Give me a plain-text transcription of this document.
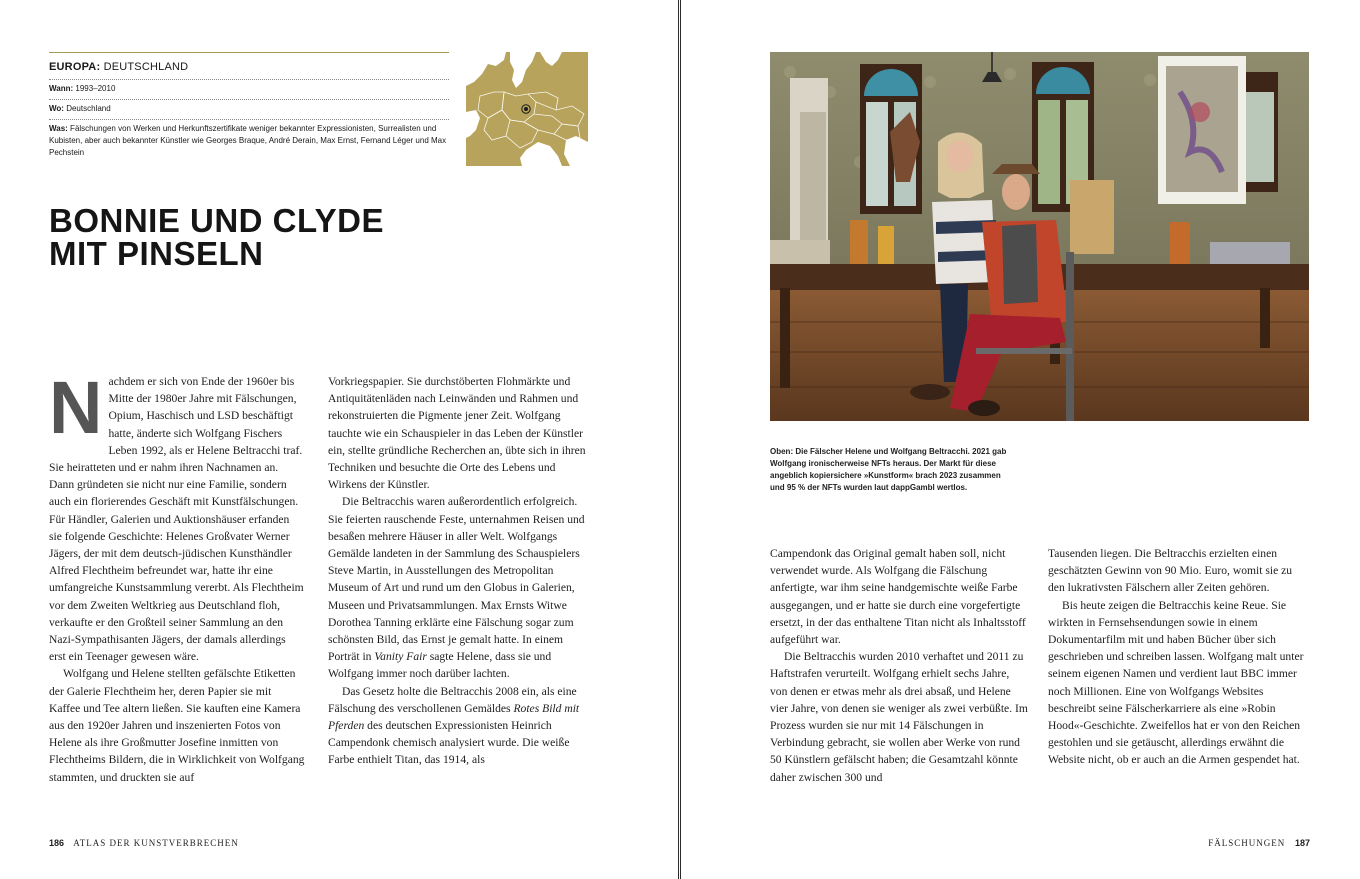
EUROPA: DEUTSCHLAND
Wann: 1993–2010
Wo: Deutschland
Was: Fälschungen von Werken und Herkunftszertifikate weniger bekannter Expressionisten, Surrealisten und Kubisten, aber auch bekannter Künstler wie Georges Braque, André Derain, Max Ernst, Fernand Léger und Max Pechstein
BONNIE UND CLYDE
MIT PINSELN

Nachdem er sich von Ende der 1960er bis Mitte der 1980er Jahre mit Fälschungen, Opium, Haschisch und LSD beschäftigt hatte, änderte sich Wolfgang Fischers Leben 1992, als er Helene Beltracchi traf. Sie heiratteten und er nahm ihren Nachnamen an. Dann gründeten sie nicht nur eine Familie, sondern auch ein florierendes Geschäft mit Kunstfälschungen. Für Händler, Galerien und Auktionshäuser erfanden sie folgende Geschichte: Helenes Großvater Werner Jägers, der mit dem deutsch-jüdischen Kunsthändler Alfred Flechtheim befreundet war, hatte ihr eine umfangreiche Kunstsammlung vererbt. Als Flechtheim vor dem Zweiten Weltkrieg aus Deutschland floh, verkaufte er den Großteil seiner Sammlung an den Nazi-Sympathisanten Jägers, der damals allerdings erst ein Teenager gewesen wäre.

Wolfgang und Helene stellten gefälschte Etiketten der Galerie Flechtheim her, deren Papier sie mit Kaffee und Tee altern ließen. Sie kauften eine Kamera aus den 1920er Jahren und inszenierten Fotos von Helene als ihre Großmutter Josefine inmitten von Flechtheims Bildern, die in Wirklichkeit von Wolfgang stammten, und druckten sie auf

Vorkriegspapier. Sie durchstöberten Flohmärkte und Antiquitätenläden nach Leinwänden und Rahmen und rekonstruierten die Pigmente jener Zeit. Wolfgang tauchte wie ein Schauspieler in das Leben der Künstler ein, stellte gründliche Recherchen an, übte sich in ihren Techniken und besuchte die Orte des Lebens und Wirkens der Künstler.

Die Beltracchis waren außerordentlich erfolgreich. Sie feierten rauschende Feste, unternahmen Reisen und besaßen mehrere Häuser in aller Welt. Wolfgangs Gemälde landeten in der Sammlung des Schauspielers Steve Martin, in Ausstellungen des Metropolitan Museum of Art und rund um den Globus in Galerien, Museen und Privatsammlungen. Max Ernsts Witwe Dorothea Tanning erklärte eine Fälschung sogar zum schönsten Bild, das Ernst je gemalt hatte. In einem Porträt in Vanity Fair sagte Helene, dass sie und Wolfgang immer noch darüber lachten.

Das Gesetz holte die Beltracchis 2008 ein, als eine Fälschung des verschollenen Gemäldes Rotes Bild mit Pferden des deutschen Expressionisten Heinrich Campendonk chemisch analysiert wurde. Die weiße Farbe enthielt Titan, das 1914, als

Oben: Die Fälscher Helene und Wolfgang Beltracchi. 2021 gab Wolfgang ironischerweise NFTs heraus. Der Markt für diese angeblich kopiersichere »Kunstform« brach 2023 zusammen und 95 % der NFTs wurden laut dappGambl wertlos.

Campendonk das Original gemalt haben soll, nicht verwendet wurde. Als Wolfgang die Fälschung anfertigte, war ihm seine handgemischte weiße Farbe ausgegangen, und er hatte sie durch eine vorgefertigte ersetzt, in der das enthaltene Titan nicht als Inhaltsstoff aufgeführt war.

Die Beltracchis wurden 2010 verhaftet und 2011 zu Haftstrafen verurteilt. Wolfgang erhielt sechs Jahre, von denen er etwas mehr als drei absaß, und Helene vier Jahre, von denen sie weniger als zwei verbüßte. Im Prozess wurden sie nur mit 14 Fälschungen in Verbindung gebracht, sie wollen aber Werke von rund 50 Künstlern gefälscht haben; die Gesamtzahl könnte daher zwischen 300 und

Tausenden liegen. Die Beltracchis erzielten einen geschätzten Gewinn von 90 Mio. Euro, womit sie zu den lukrativsten Fälschern aller Zeiten gehören.

Bis heute zeigen die Beltracchis keine Reue. Sie wirkten in Fernsehsendungen sowie in einem Dokumentarfilm mit und haben Bücher über sich geschrieben und schreiben lassen. Wolfgang malt unter seinem eigenen Namen und verdient laut BBC immer noch Millionen. Eine von Wolfgangs Websites beschreibt seine Fälscherkarriere als eine »Robin Hood«-Geschichte. Zweifellos hat er von den Reichen gestohlen und sie getäuscht, allerdings erwähnt die Website nicht, ob er auch an die Armen gespendet hat.

186 ATLAS DER KUNSTVERBRECHEN	FÄLSCHUNGEN 187
